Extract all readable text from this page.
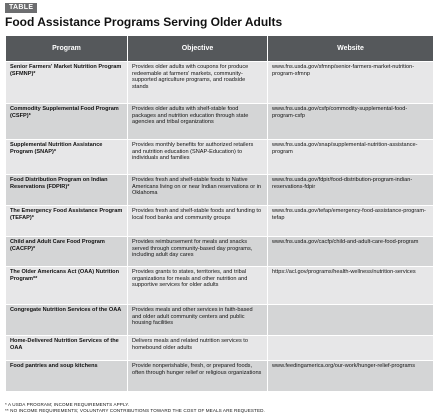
TABLE
Food Assistance Programs Serving Older Adults
Program	Objective	Website
Senior Farmers' Market Nutrition Program (SFMNP)*	Provides older adults with coupons for produce redeemable at farmers' markets, community-supported agriculture programs, and roadside stands	www.fns.usda.gov/sfmnp/senior-farmers-market-nutrition-program-sfmnp
Commodity Supplemental Food Program (CSFP)*	Provides older adults with shelf-stable food packages and nutrition education through state agencies and tribal organizations	www.fns.usda.gov/csfp/commodity-supplemental-food-program-csfp
Supplemental Nutrition Assistance Program (SNAP)*	Provides monthly benefits for authorized retailers and nutrition education (SNAP-Education) to individuals and families	www.fns.usda.gov/snap/supplemental-nutrition-assistance-program
Food Distribution Program on Indian Reservations (FDPIR)*	Provides fresh and shelf-stable foods to Native Americans living on or near Indian reservations or in Oklahoma	www.fns.usda.gov/fdpir/food-distribution-program-indian-reservations-fdpir
The Emergency Food Assistance Program (TEFAP)*	Provides fresh and shelf-stable foods and funding to local food banks and community groups	www.fns.usda.gov/tefap/emergency-food-assistance-program-tefap
Child and Adult Care Food Program (CACFP)*	Provides reimbursement for meals and snacks served through community-based day programs, including adult day cares	www.fns.usda.gov/cacfp/child-and-adult-care-food-program
The Older Americans Act (OAA) Nutrition Program**	Provides grants to states, territories, and tribal organizations for meals and other nutrition and supportive services for older adults	https://acl.gov/programs/health-wellness/nutrition-services
Congregate Nutrition Services of the OAA	Provides meals and other services in faith-based and older adult community centers and public housing facilities	
Home-Delivered Nutrition Services of the OAA	Delivers meals and related nutrition services to homebound older adults	
Food pantries and soup kitchens	Provide nonperishable, fresh, or prepared foods, often through hunger relief or religious organizations	www.feedingamerica.org/our-work/hunger-relief-programs
* A USDA PROGRAM; INCOME REQUIREMENTS APPLY.
** NO INCOME REQUIREMENTS; VOLUNTARY CONTRIBUTIONS TOWARD THE COST OF MEALS ARE REQUESTED.
